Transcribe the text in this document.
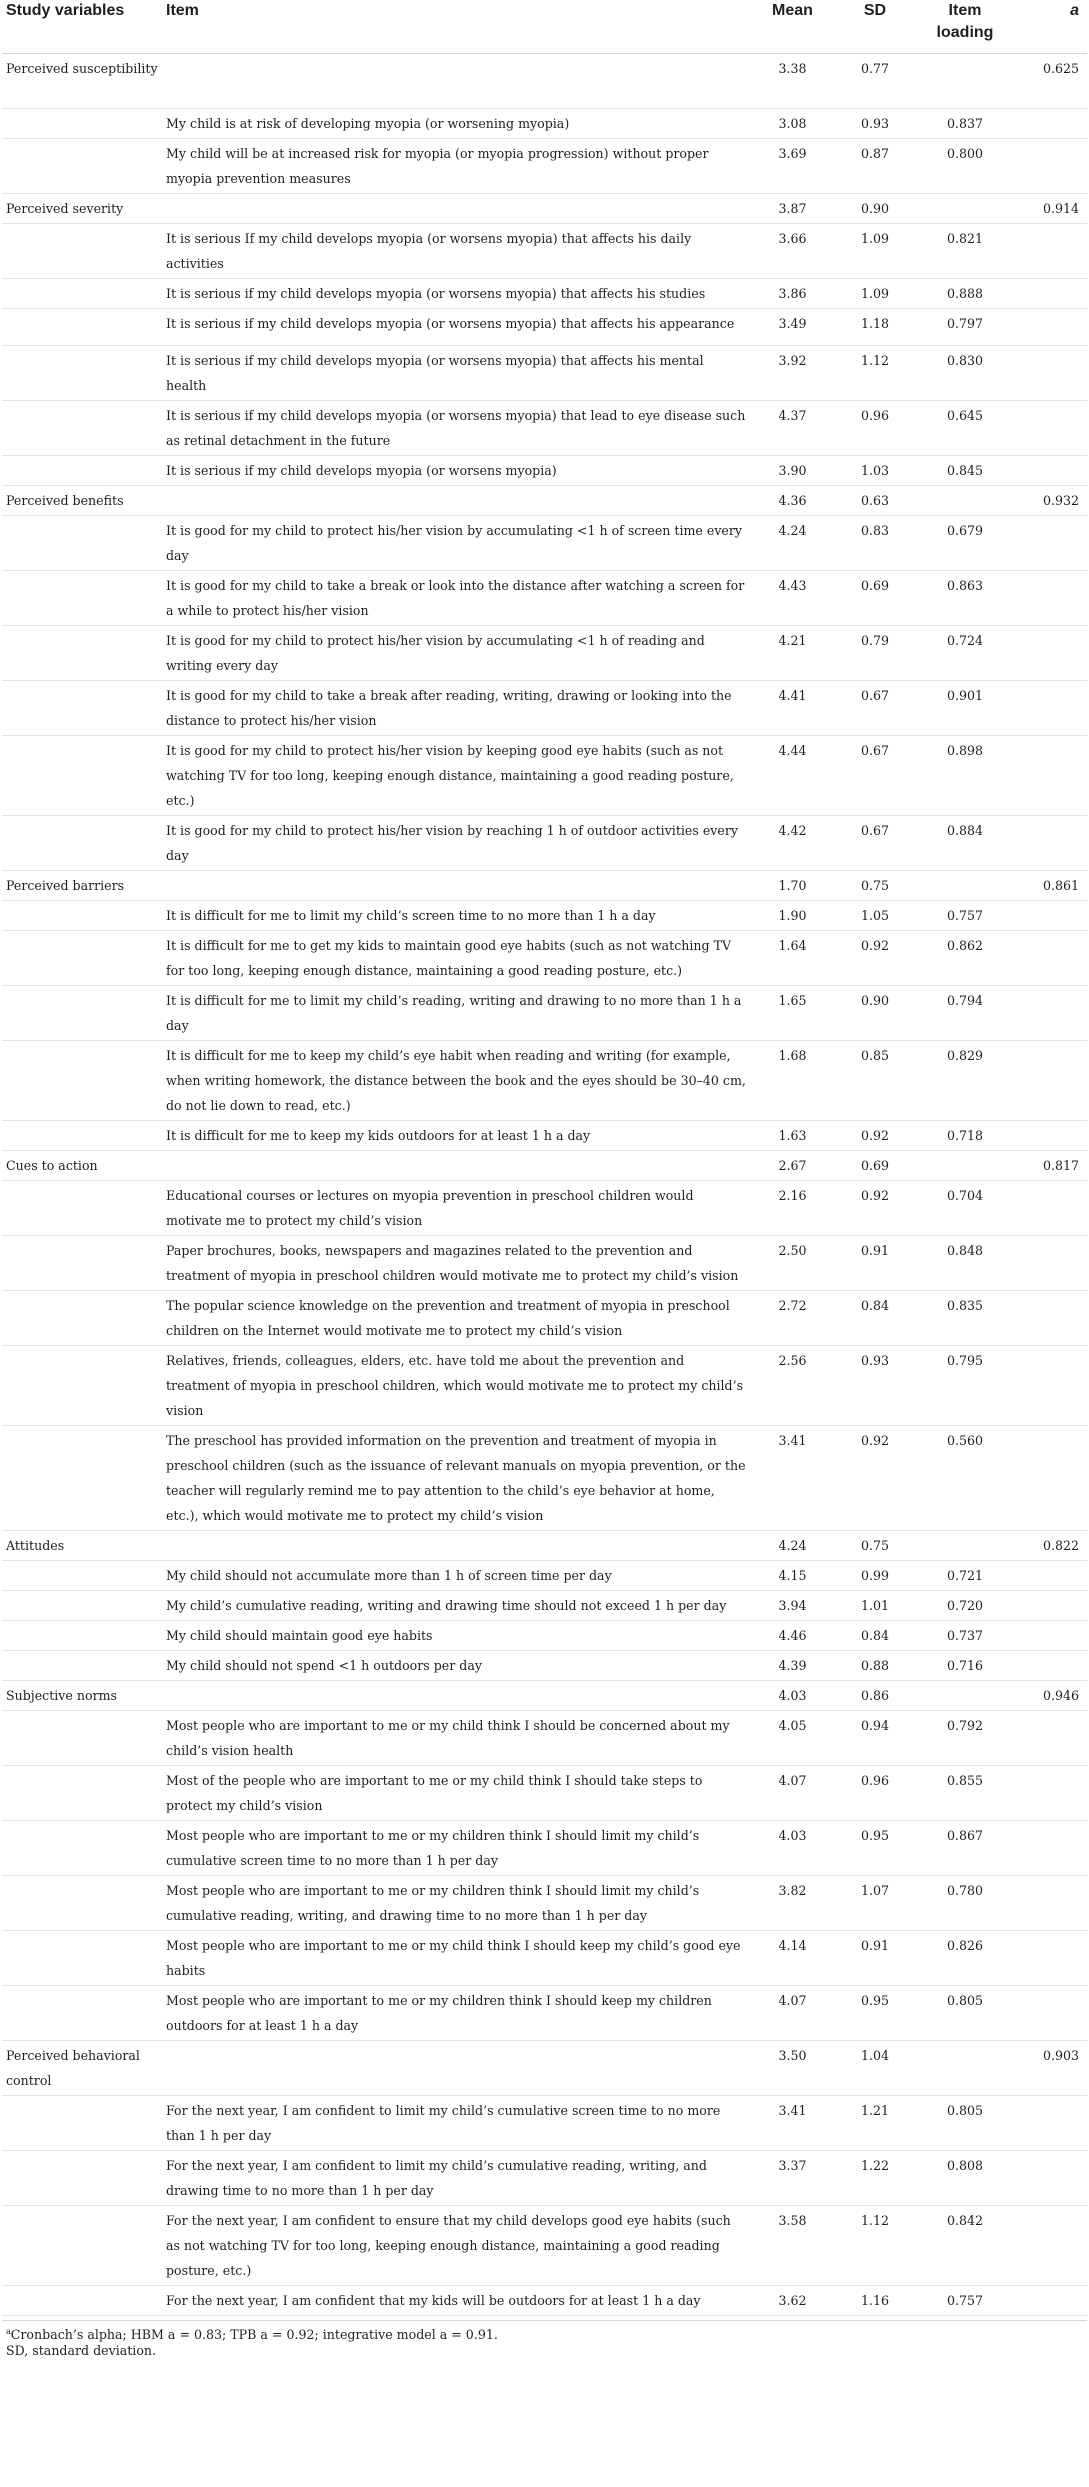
Study variables	Item	Mean	SD	Item loading	a
Perceived susceptibility		3.38	0.77		0.625
	My child is at risk of developing myopia (or worsening myopia)	3.08	0.93	0.837	
	My child will be at increased risk for myopia (or myopia progression) without proper myopia prevention measures	3.69	0.87	0.800	
Perceived severity		3.87	0.90		0.914
	It is serious If my child develops myopia (or worsens myopia) that affects his daily activities	3.66	1.09	0.821	
	It is serious if my child develops myopia (or worsens myopia) that affects his studies	3.86	1.09	0.888	
	It is serious if my child develops myopia (or worsens myopia) that affects his appearance	3.49	1.18	0.797	
	It is serious if my child develops myopia (or worsens myopia) that affects his mental health	3.92	1.12	0.830	
	It is serious if my child develops myopia (or worsens myopia) that lead to eye disease such as retinal detachment in the future	4.37	0.96	0.645	
	It is serious if my child develops myopia (or worsens myopia)	3.90	1.03	0.845	
Perceived benefits		4.36	0.63		0.932
	It is good for my child to protect his/her vision by accumulating <1 h of screen time every day	4.24	0.83	0.679	
	It is good for my child to take a break or look into the distance after watching a screen for a while to protect his/her vision	4.43	0.69	0.863	
	It is good for my child to protect his/her vision by accumulating <1 h of reading and writing every day	4.21	0.79	0.724	
	It is good for my child to take a break after reading, writing, drawing or looking into the distance to protect his/her vision	4.41	0.67	0.901	
	It is good for my child to protect his/her vision by keeping good eye habits (such as not watching TV for too long, keeping enough distance, maintaining a good reading posture, etc.)	4.44	0.67	0.898	
	It is good for my child to protect his/her vision by reaching 1 h of outdoor activities every day	4.42	0.67	0.884	
Perceived barriers		1.70	0.75		0.861
	It is difficult for me to limit my child’s screen time to no more than 1 h a day	1.90	1.05	0.757	
	It is difficult for me to get my kids to maintain good eye habits (such as not watching TV for too long, keeping enough distance, maintaining a good reading posture, etc.)	1.64	0.92	0.862	
	It is difficult for me to limit my child’s reading, writing and drawing to no more than 1 h a day	1.65	0.90	0.794	
	It is difficult for me to keep my child’s eye habit when reading and writing (for example, when writing homework, the distance between the book and the eyes should be 30–40 cm, do not lie down to read, etc.)	1.68	0.85	0.829	
	It is difficult for me to keep my kids outdoors for at least 1 h a day	1.63	0.92	0.718	
Cues to action		2.67	0.69		0.817
	Educational courses or lectures on myopia prevention in preschool children would motivate me to protect my child’s vision	2.16	0.92	0.704	
	Paper brochures, books, newspapers and magazines related to the prevention and treatment of myopia in preschool children would motivate me to protect my child’s vision	2.50	0.91	0.848	
	The popular science knowledge on the prevention and treatment of myopia in preschool children on the Internet would motivate me to protect my child’s vision	2.72	0.84	0.835	
	Relatives, friends, colleagues, elders, etc. have told me about the prevention and treatment of myopia in preschool children, which would motivate me to protect my child’s vision	2.56	0.93	0.795	
	The preschool has provided information on the prevention and treatment of myopia in preschool children (such as the issuance of relevant manuals on myopia prevention, or the teacher will regularly remind me to pay attention to the child’s eye behavior at home, etc.), which would motivate me to protect my child’s vision	3.41	0.92	0.560	
Attitudes		4.24	0.75		0.822
	My child should not accumulate more than 1 h of screen time per day	4.15	0.99	0.721	
	My child’s cumulative reading, writing and drawing time should not exceed 1 h per day	3.94	1.01	0.720	
	My child should maintain good eye habits	4.46	0.84	0.737	
	My child should not spend <1 h outdoors per day	4.39	0.88	0.716	
Subjective norms		4.03	0.86		0.946
	Most people who are important to me or my child think I should be concerned about my child’s vision health	4.05	0.94	0.792	
	Most of the people who are important to me or my child think I should take steps to protect my child’s vision	4.07	0.96	0.855	
	Most people who are important to me or my children think I should limit my child’s cumulative screen time to no more than 1 h per day	4.03	0.95	0.867	
	Most people who are important to me or my children think I should limit my child’s cumulative reading, writing, and drawing time to no more than 1 h per day	3.82	1.07	0.780	
	Most people who are important to me or my child think I should keep my child’s good eye habits	4.14	0.91	0.826	
	Most people who are important to me or my children think I should keep my children outdoors for at least 1 h a day	4.07	0.95	0.805	
Perceived behavioral control		3.50	1.04		0.903
	For the next year, I am confident to limit my child’s cumulative screen time to no more than 1 h per day	3.41	1.21	0.805	
	For the next year, I am confident to limit my child’s cumulative reading, writing, and drawing time to no more than 1 h per day	3.37	1.22	0.808	
	For the next year, I am confident to ensure that my child develops good eye habits (such as not watching TV for too long, keeping enough distance, maintaining a good reading posture, etc.)	3.58	1.12	0.842	
	For the next year, I am confident that my kids will be outdoors for at least 1 h a day	3.62	1.16	0.757	
$^a$Cronbach’s alpha; HBM a = 0.83; TPB a = 0.92; integrative model a = 0.91.
SD, standard deviation.
